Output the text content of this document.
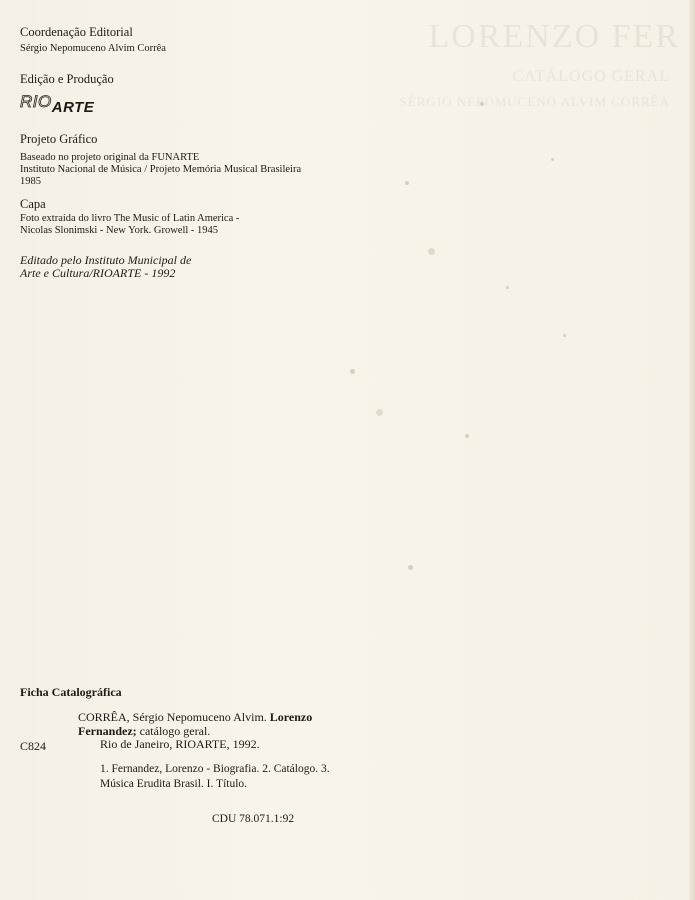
Coordenação Editorial
Sérgio Nepomuceno Alvim Corrêa
Edição e Produção
RIOARTE
Projeto Gráfico
Baseado no projeto original da FUNARTE
Instituto Nacional de Música / Projeto Memória Musical Brasileira
1985
Capa
Foto extraída do livro The Music of Latin America -
Nicolas Slonimski - New York. Growell - 1945
Editado pelo Instituto Municipal de
Arte e Cultura/RIOARTE - 1992
Ficha Catalográfica
CORRÊA, Sérgio Nepomuceno Alvim. Lorenzo
Fernandez; catálogo geral.
C824	Rio de Janeiro, RIOARTE, 1992.
1. Fernandez, Lorenzo - Biografia. 2. Catálogo. 3.
Música Erudita Brasil. I. Título.
CDU 78.071.1:92
